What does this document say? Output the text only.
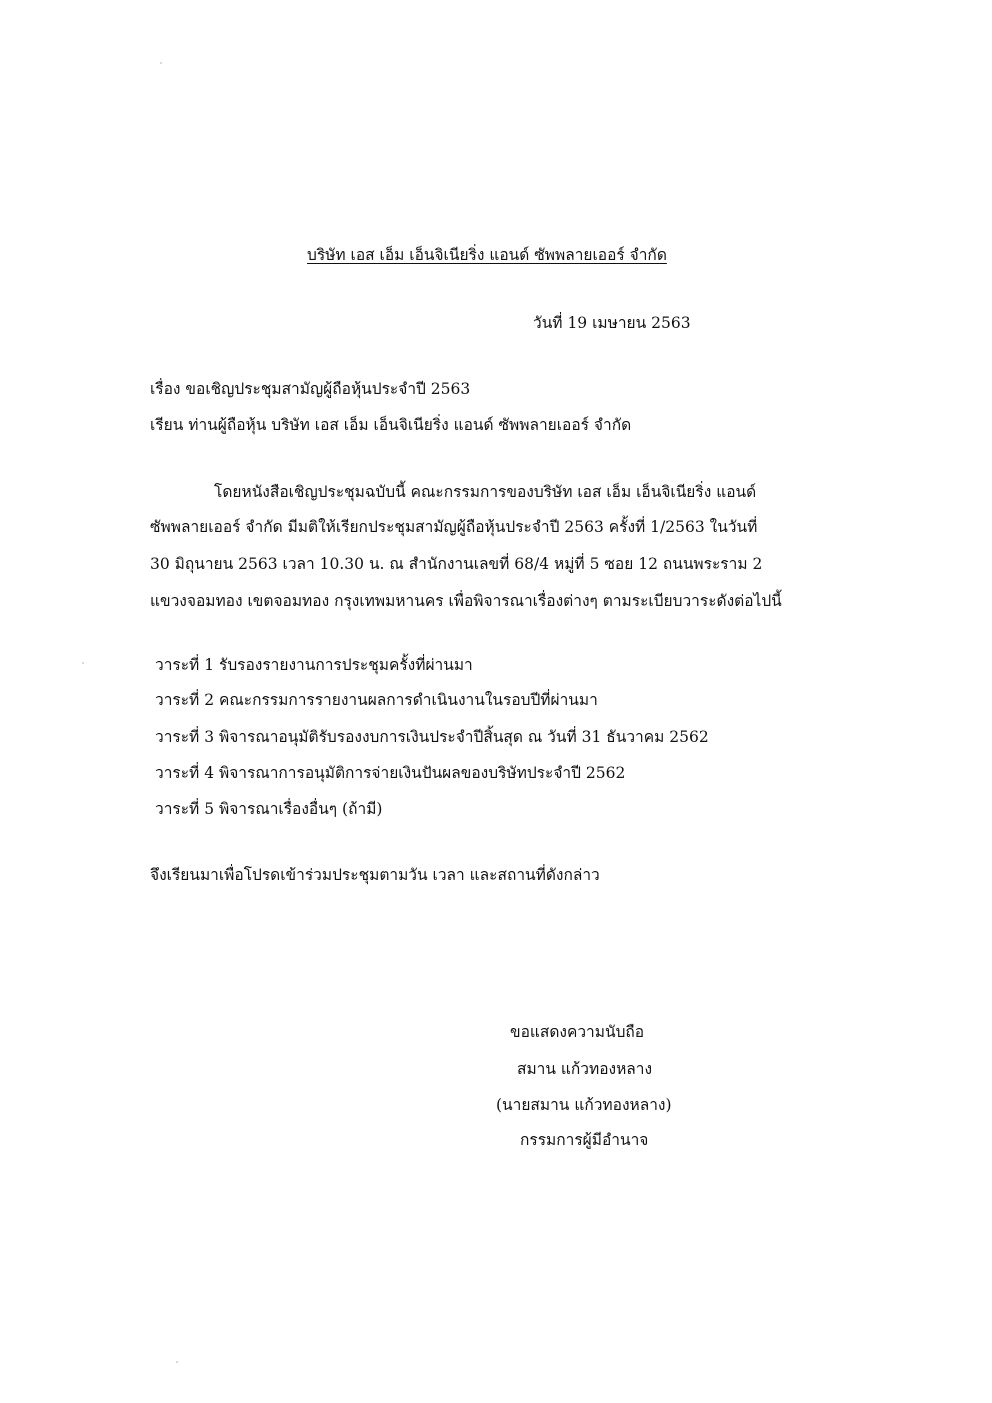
บริษัท เอส เอ็ม เอ็นจิเนียริ่ง แอนด์ ซัพพลายเออร์ จำกัด
วันที่ 19 เมษายน 2563
เรื่อง ขอเชิญประชุมสามัญผู้ถือหุ้นประจำปี 2563
เรียน ท่านผู้ถือหุ้น บริษัท เอส เอ็ม เอ็นจิเนียริ่ง แอนด์ ซัพพลายเออร์ จำกัด
โดยหนังสือเชิญประชุมฉบับนี้ คณะกรรมการของบริษัท เอส เอ็ม เอ็นจิเนียริ่ง แอนด์
ซัพพลายเออร์ จำกัด มีมติให้เรียกประชุมสามัญผู้ถือหุ้นประจำปี 2563 ครั้งที่ 1/2563 ในวันที่
30 มิถุนายน 2563 เวลา 10.30 น. ณ สำนักงานเลขที่ 68/4 หมู่ที่ 5 ซอย 12 ถนนพระราม 2
แขวงจอมทอง เขตจอมทอง กรุงเทพมหานคร เพื่อพิจารณาเรื่องต่างๆ ตามระเบียบวาระดังต่อไปนี้
วาระที่ 1 รับรองรายงานการประชุมครั้งที่ผ่านมา
วาระที่ 2 คณะกรรมการรายงานผลการดำเนินงานในรอบปีที่ผ่านมา
วาระที่ 3 พิจารณาอนุมัติรับรองงบการเงินประจำปีสิ้นสุด ณ วันที่ 31 ธันวาคม 2562
วาระที่ 4 พิจารณาการอนุมัติการจ่ายเงินปันผลของบริษัทประจำปี 2562
วาระที่ 5 พิจารณาเรื่องอื่นๆ (ถ้ามี)
จึงเรียนมาเพื่อโปรดเข้าร่วมประชุมตามวัน เวลา และสถานที่ดังกล่าว
ขอแสดงความนับถือ
สมาน แก้วทองหลาง
(นายสมาน แก้วทองหลาง)
กรรมการผู้มีอำนาจ
